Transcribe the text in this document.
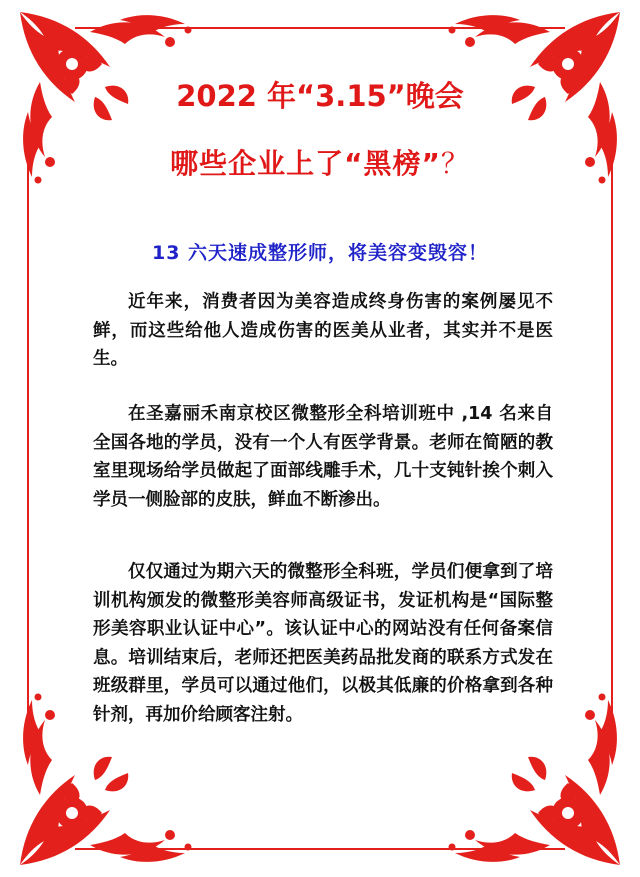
2022 年“3.15”晚会
哪些企业上了“黑榜”？
13 六天速成整形师，将美容变毁容！

近年来，消费者因为美容造成终身伤害的案例屡见不鲜，而这些给他人造成伤害的医美从业者，其实并不是医生。

在圣嘉丽禾南京校区微整形全科培训班中 ,14 名来自全国各地的学员，没有一个人有医学背景。老师在简陋的教室里现场给学员做起了面部线雕手术，几十支钝针挨个刺入学员一侧脸部的皮肤，鲜血不断渗出。

仅仅通过为期六天的微整形全科班，学员们便拿到了培训机构颁发的微整形美容师高级证书，发证机构是“国际整形美容职业认证中心”。该认证中心的网站没有任何备案信息。培训结束后，老师还把医美药品批发商的联系方式发在班级群里，学员可以通过他们，以极其低廉的价格拿到各种针剂，再加价给顾客注射。
